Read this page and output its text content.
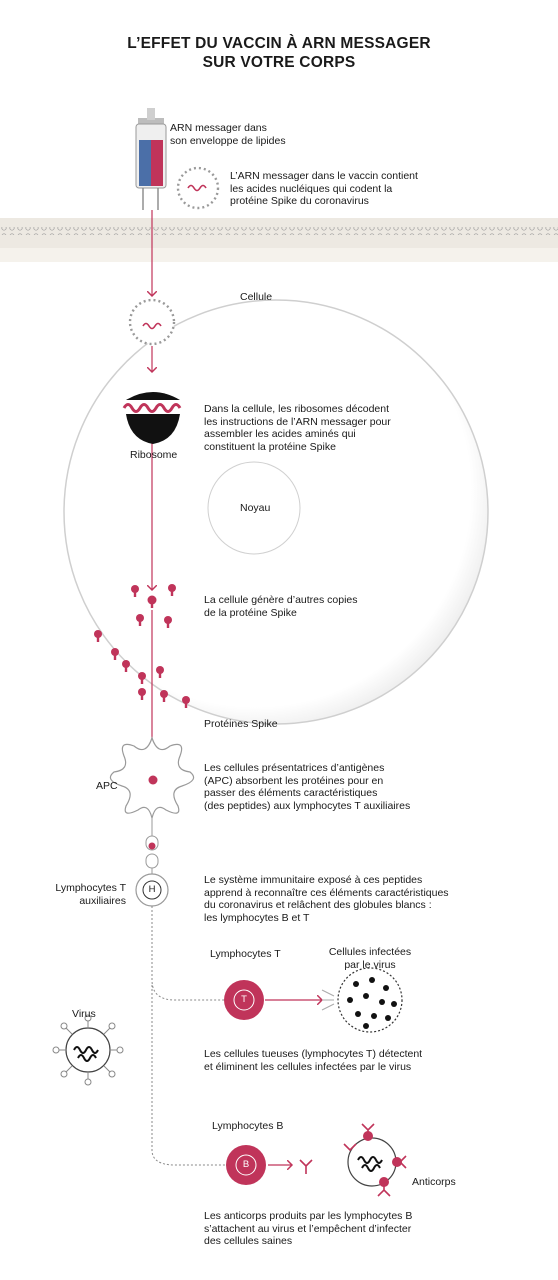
L’EFFET DU VACCIN À ARN MESSAGER
SUR VOTRE CORPS
ARN messager dans
son enveloppe de lipides
L’ARN messager dans le vaccin contient
les acides nucléiques qui codent la
protéine Spike du coronavirus
Cellule
Dans la cellule, les ribosomes décodent
les instructions de l’ARN messager pour
assembler les acides aminés qui
constituent la protéine Spike
Ribosome
Noyau
La cellule génère d’autres copies
de la protéine Spike
Protéines Spike
APC
Les cellules présentatrices d’antigènes
(APC) absorbent les protéines pour en
passer des éléments caractéristiques
(des peptides) aux lymphocytes T auxiliaires
Lymphocytes T
auxiliaires
H
Le système immunitaire exposé à ces peptides
apprend à reconnaître ces éléments caractéristiques
du coronavirus et relâchent des globules blancs :
les lymphocytes B et T
Lymphocytes T
T
Cellules infectées
par le virus
Virus
Les cellules tueuses (lymphocytes T) détectent
et éliminent les cellules infectées par le virus
Lymphocytes B
B
Anticorps
Les anticorps produits par les lymphocytes B
s’attachent au virus et l’empêchent d’infecter
des cellules saines
